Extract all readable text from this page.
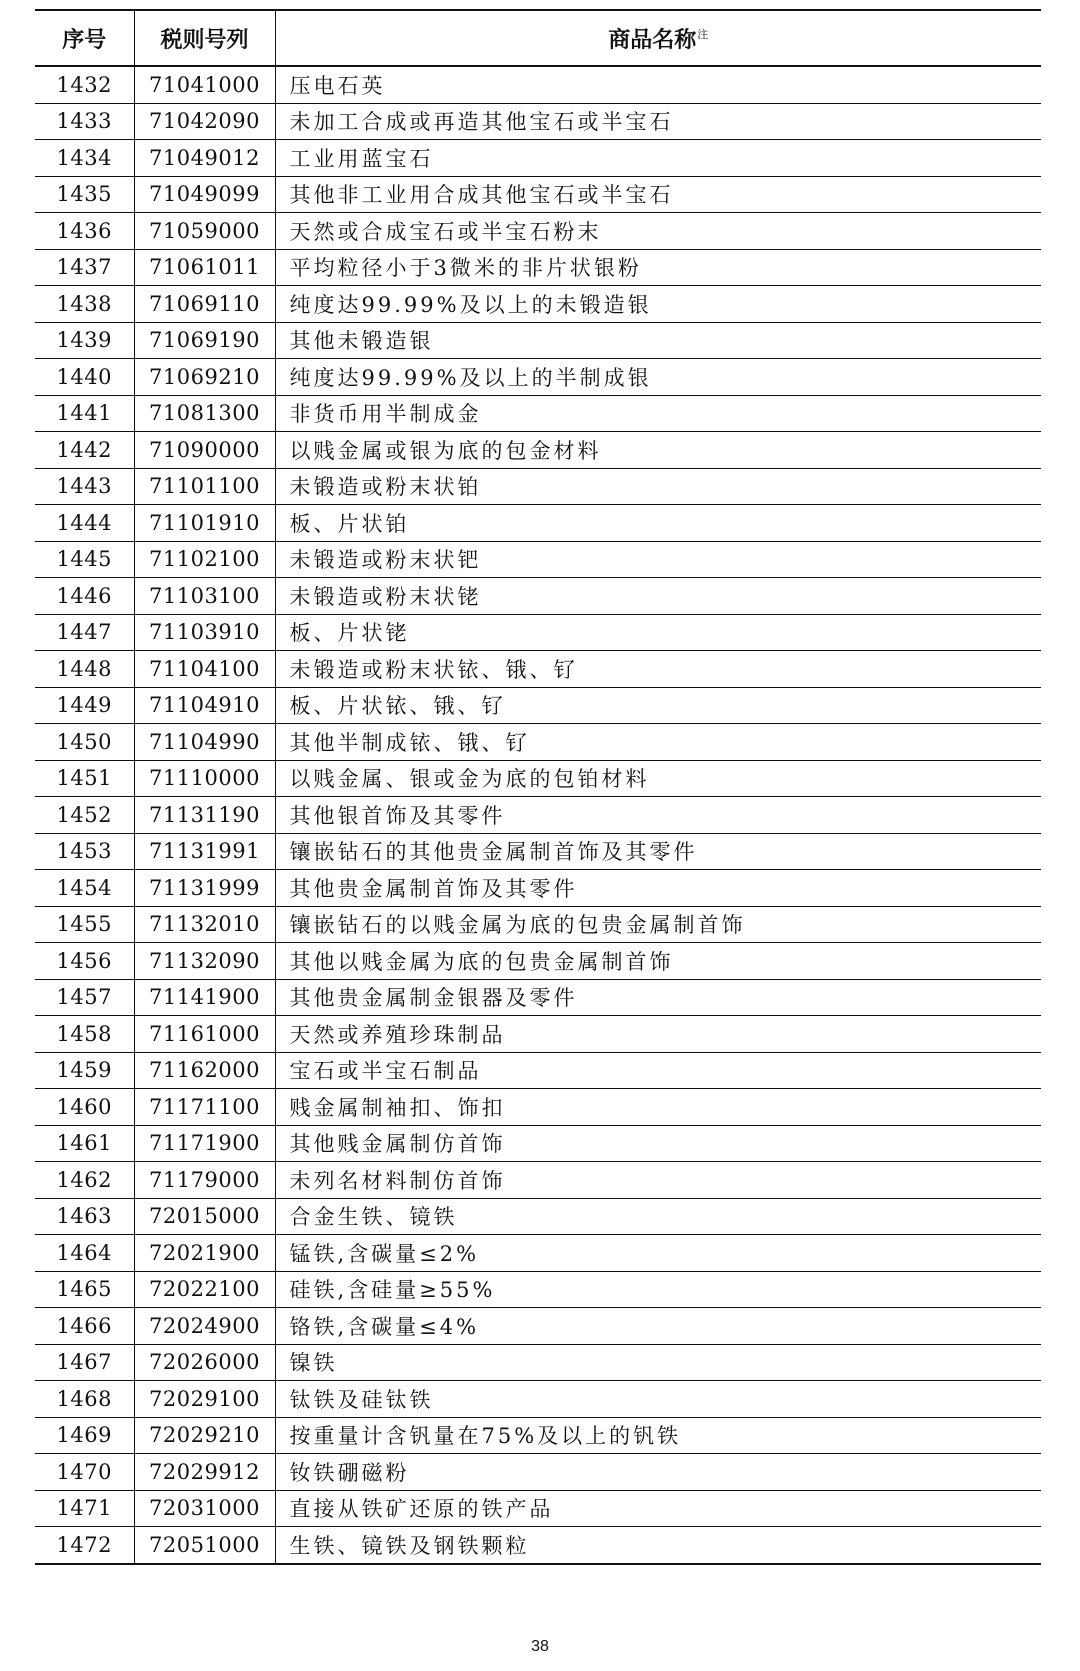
序号	税则号列	商品名称$^注$
1432	71041000	压电石英
1433	71042090	未加工合成或再造其他宝石或半宝石
1434	71049012	工业用蓝宝石
1435	71049099	其他非工业用合成其他宝石或半宝石
1436	71059000	天然或合成宝石或半宝石粉末
1437	71061011	平均粒径小于3微米的非片状银粉
1438	71069110	纯度达99.99%及以上的未锻造银
1439	71069190	其他未锻造银
1440	71069210	纯度达99.99%及以上的半制成银
1441	71081300	非货币用半制成金
1442	71090000	以贱金属或银为底的包金材料
1443	71101100	未锻造或粉末状铂
1444	71101910	板、片状铂
1445	71102100	未锻造或粉末状钯
1446	71103100	未锻造或粉末状铑
1447	71103910	板、片状铑
1448	71104100	未锻造或粉末状铱、锇、钌
1449	71104910	板、片状铱、锇、钌
1450	71104990	其他半制成铱、锇、钌
1451	71110000	以贱金属、银或金为底的包铂材料
1452	71131190	其他银首饰及其零件
1453	71131991	镶嵌钻石的其他贵金属制首饰及其零件
1454	71131999	其他贵金属制首饰及其零件
1455	71132010	镶嵌钻石的以贱金属为底的包贵金属制首饰
1456	71132090	其他以贱金属为底的包贵金属制首饰
1457	71141900	其他贵金属制金银器及零件
1458	71161000	天然或养殖珍珠制品
1459	71162000	宝石或半宝石制品
1460	71171100	贱金属制袖扣、饰扣
1461	71171900	其他贱金属制仿首饰
1462	71179000	未列名材料制仿首饰
1463	72015000	合金生铁、镜铁
1464	72021900	锰铁,含碳量≤2%
1465	72022100	硅铁,含硅量≥55%
1466	72024900	铬铁,含碳量≤4%
1467	72026000	镍铁
1468	72029100	钛铁及硅钛铁
1469	72029210	按重量计含钒量在75%及以上的钒铁
1470	72029912	钕铁硼磁粉
1471	72031000	直接从铁矿还原的铁产品
1472	72051000	生铁、镜铁及钢铁颗粒
38
